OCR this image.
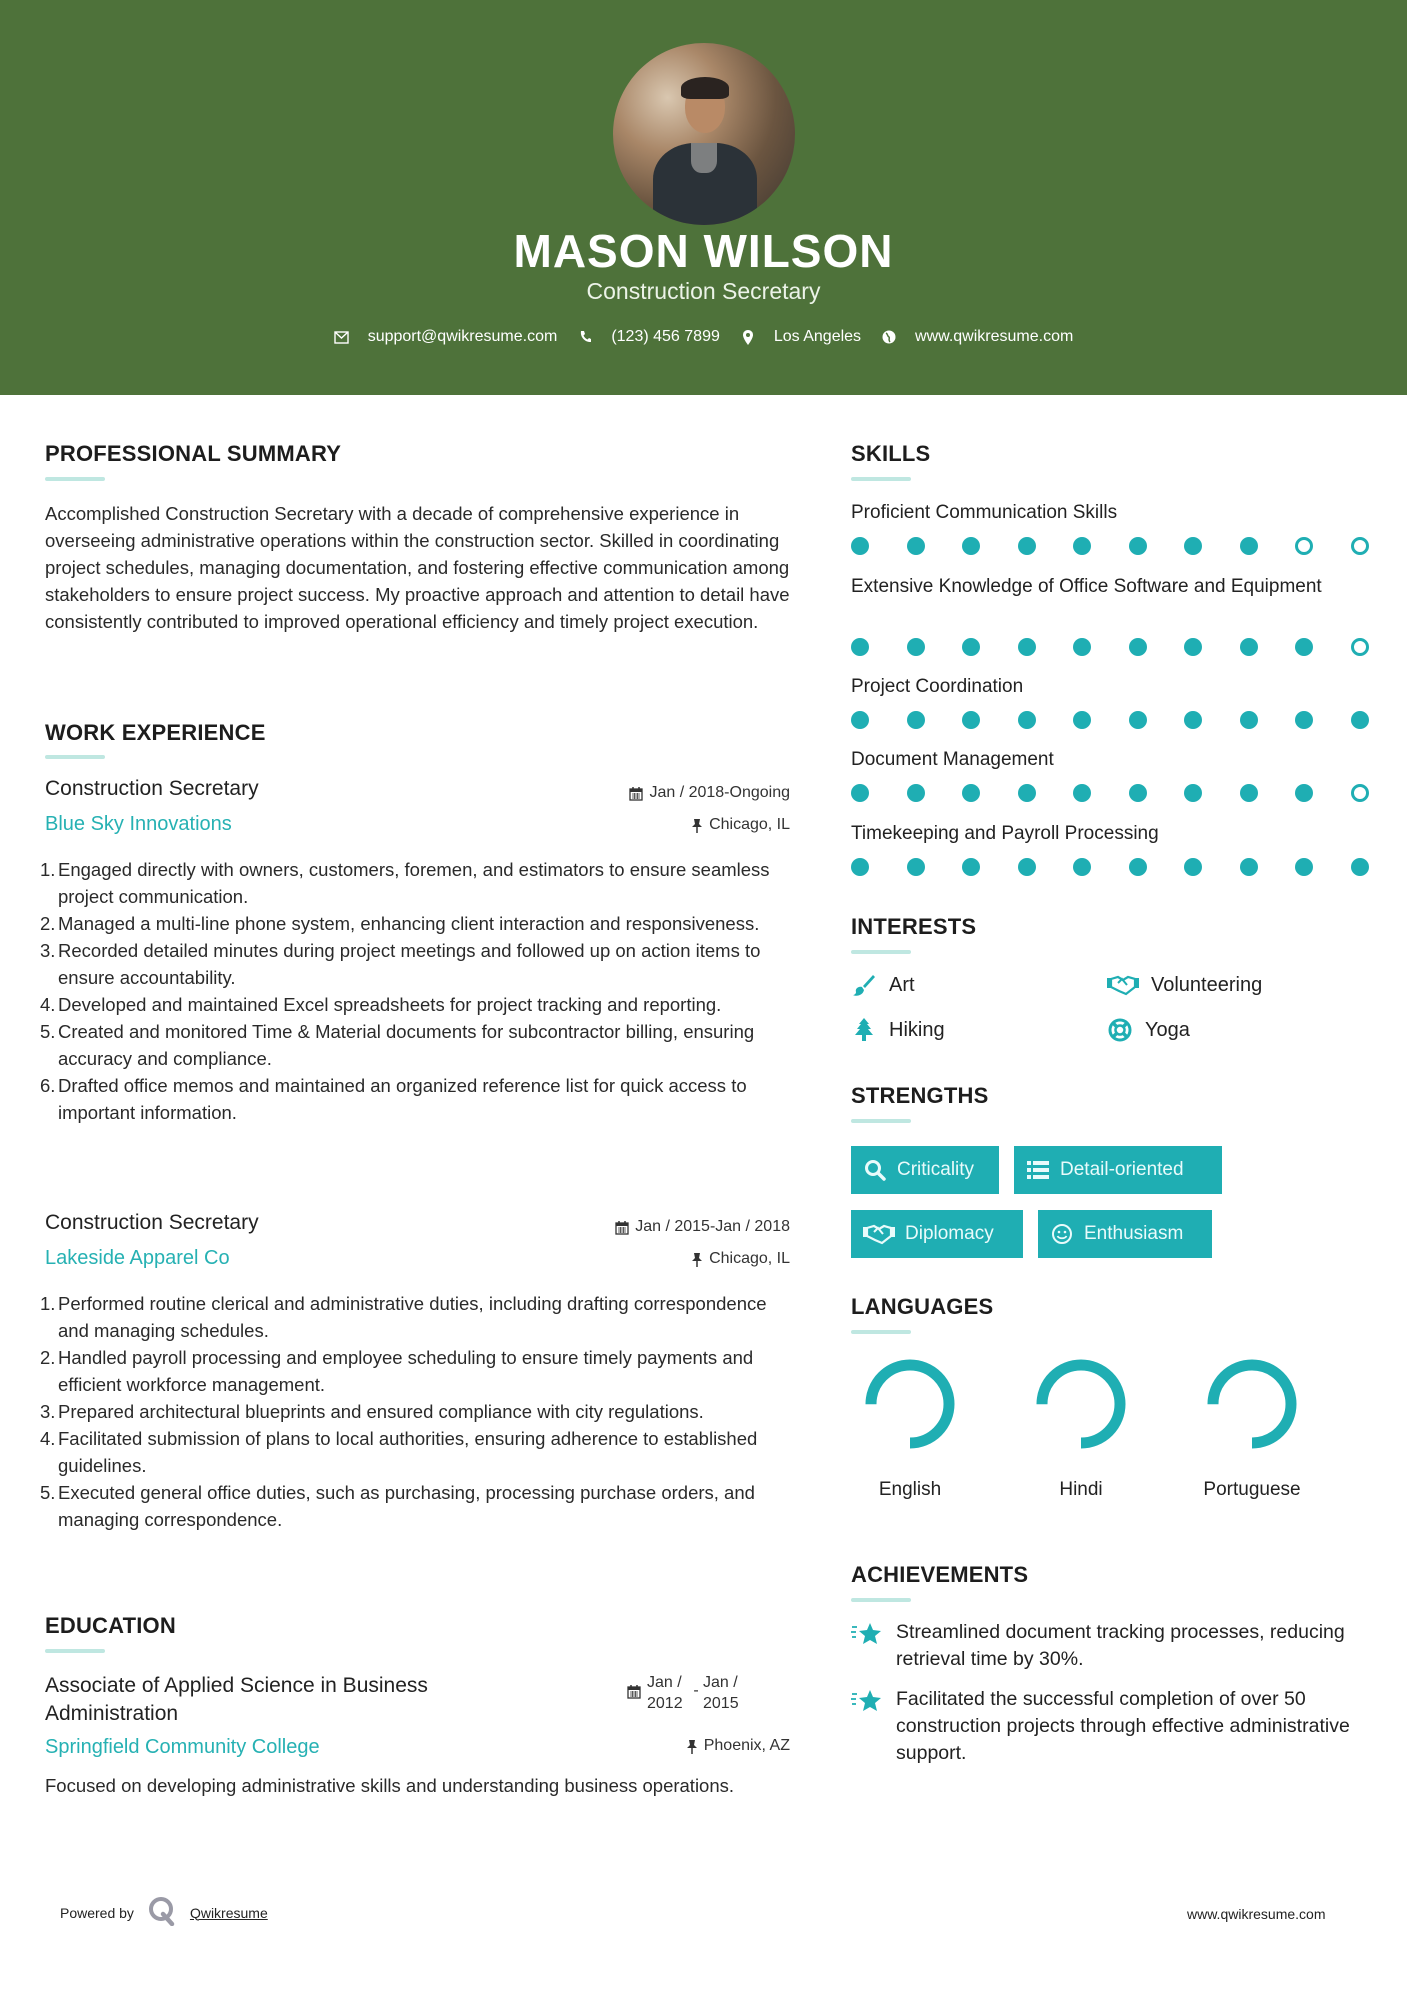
MASON WILSON
Construction Secretary
support@qwikresume.com	(123) 456 7899	Los Angeles	www.qwikresume.com
PROFESSIONAL SUMMARY
Accomplished Construction Secretary with a decade of comprehensive experience in overseeing administrative operations within the construction sector. Skilled in coordinating project schedules, managing documentation, and fostering effective communication among stakeholders to ensure project success. My proactive approach and attention to detail have consistently contributed to improved operational efficiency and timely project execution.
WORK EXPERIENCE
Construction Secretary
Blue Sky Innovations
Jan / 2018-Ongoing
Chicago, IL
1. Engaged directly with owners, customers, foremen, and estimators to ensure seamless project communication.
2. Managed a multi-line phone system, enhancing client interaction and responsiveness.
3. Recorded detailed minutes during project meetings and followed up on action items to ensure accountability.
4. Developed and maintained Excel spreadsheets for project tracking and reporting.
5. Created and monitored Time & Material documents for subcontractor billing, ensuring accuracy and compliance.
6. Drafted office memos and maintained an organized reference list for quick access to important information.
Construction Secretary
Lakeside Apparel Co
Jan / 2015-Jan / 2018
Chicago, IL
1. Performed routine clerical and administrative duties, including drafting correspondence and managing schedules.
2. Handled payroll processing and employee scheduling to ensure timely payments and efficient workforce management.
3. Prepared architectural blueprints and ensured compliance with city regulations.
4. Facilitated submission of plans to local authorities, ensuring adherence to established guidelines.
5. Executed general office duties, such as purchasing, processing purchase orders, and managing correspondence.
EDUCATION
Associate of Applied Science in Business Administration
Jan /
2012
- Jan /
2015
Springfield Community College	Phoenix, AZ
Focused on developing administrative skills and understanding business operations.
SKILLS
Proficient Communication Skills
Extensive Knowledge of Office Software and Equipment
Project Coordination
Document Management
Timekeeping and Payroll Processing
INTERESTS
Art	Volunteering
Hiking	Yoga
STRENGTHS
Criticality	Detail-oriented
Diplomacy	Enthusiasm
LANGUAGES
English	Hindi	Portuguese
ACHIEVEMENTS
Streamlined document tracking processes, reducing retrieval time by 30%.
Facilitated the successful completion of over 50 construction projects through effective administrative support.
Powered by	Qwikresume	www.qwikresume.com
